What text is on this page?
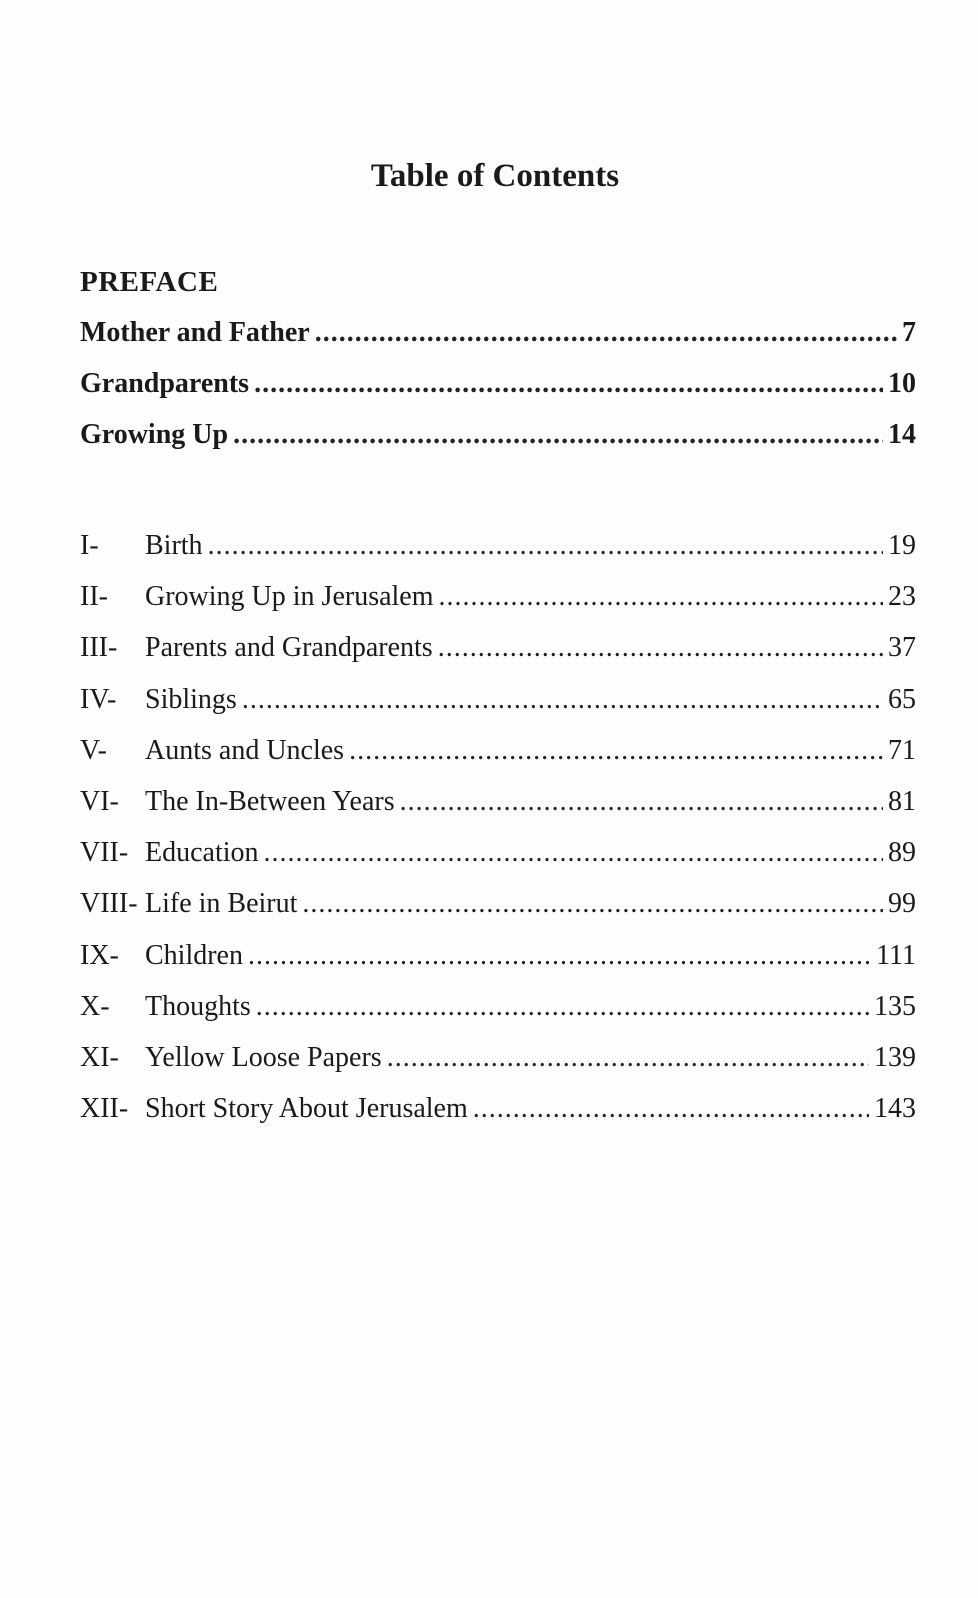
Table of Contents
PREFACE
Mother and Father .....	7
Grandparents .....	10
Growing Up .....	14
I-	Birth .....	19
II-	Growing Up in Jerusalem .....	23
III- Parents and Grandparents .....	37
IV-	Siblings .....	65
V-	Aunts and Uncles .....	71
VI- The In-Between Years .....	81
VII- Education .....	89
VIII- Life in Beirut .....	99
IX- Children .....	111
X-	Thoughts .....	135
XI- Yellow Loose Papers .....	139
XII- Short Story About Jerusalem .....	143
